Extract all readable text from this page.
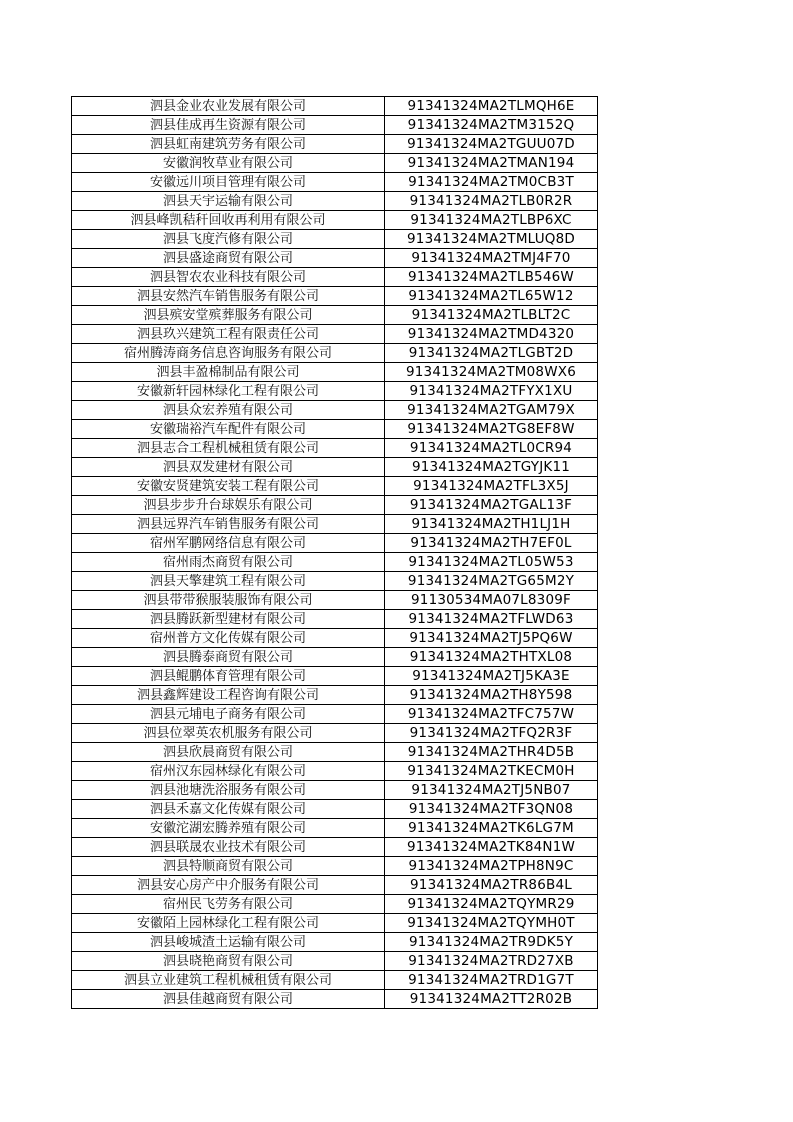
泗县金业农业发展有限公司	91341324MA2TLMQH6E
泗县佳成再生资源有限公司	91341324MA2TM3152Q
泗县虹南建筑劳务有限公司	91341324MA2TGUU07D
安徽润牧草业有限公司	91341324MA2TMAN194
安徽远川项目管理有限公司	91341324MA2TM0CB3T
泗县天宇运输有限公司	91341324MA2TLB0R2R
泗县峰凯秸秆回收再利用有限公司	91341324MA2TLBP6XC
泗县飞度汽修有限公司	91341324MA2TMLUQ8D
泗县盛途商贸有限公司	91341324MA2TMJ4F70
泗县智农农业科技有限公司	91341324MA2TLB546W
泗县安然汽车销售服务有限公司	91341324MA2TL65W12
泗县殡安堂殡葬服务有限公司	91341324MA2TLBLT2C
泗县玖兴建筑工程有限责任公司	91341324MA2TMD4320
宿州腾涛商务信息咨询服务有限公司	91341324MA2TLGBT2D
泗县丰盈棉制品有限公司	91341324MA2TM08WX6
安徽新轩园林绿化工程有限公司	91341324MA2TFYX1XU
泗县众宏养殖有限公司	91341324MA2TGAM79X
安徽瑞裕汽车配件有限公司	91341324MA2TG8EF8W
泗县志合工程机械租赁有限公司	91341324MA2TL0CR94
泗县双发建材有限公司	91341324MA2TGYJK11
安徽安贤建筑安装工程有限公司	91341324MA2TFL3X5J
泗县步步升台球娱乐有限公司	91341324MA2TGAL13F
泗县远界汽车销售服务有限公司	91341324MA2TH1LJ1H
宿州军鹏网络信息有限公司	91341324MA2TH7EF0L
宿州雨杰商贸有限公司	91341324MA2TL05W53
泗县天擎建筑工程有限公司	91341324MA2TG65M2Y
泗县带带猴服装服饰有限公司	91130534MA07L8309F
泗县腾跃新型建材有限公司	91341324MA2TFLWD63
宿州普方文化传媒有限公司	91341324MA2TJ5PQ6W
泗县腾泰商贸有限公司	91341324MA2THTXL08
泗县鲲鹏体育管理有限公司	91341324MA2TJ5KA3E
泗县鑫辉建设工程咨询有限公司	91341324MA2TH8Y598
泗县元埔电子商务有限公司	91341324MA2TFC757W
泗县位翠英农机服务有限公司	91341324MA2TFQ2R3F
泗县欣晨商贸有限公司	91341324MA2THR4D5B
宿州汉东园林绿化有限公司	91341324MA2TKECM0H
泗县池塘洗浴服务有限公司	91341324MA2TJ5NB07
泗县禾嘉文化传媒有限公司	91341324MA2TF3QN08
安徽沱湖宏腾养殖有限公司	91341324MA2TK6LG7M
泗县联晟农业技术有限公司	91341324MA2TK84N1W
泗县特顺商贸有限公司	91341324MA2TPH8N9C
泗县安心房产中介服务有限公司	91341324MA2TR86B4L
宿州民飞劳务有限公司	91341324MA2TQYMR29
安徽陌上园林绿化工程有限公司	91341324MA2TQYMH0T
泗县峻城渣土运输有限公司	91341324MA2TR9DK5Y
泗县晓艳商贸有限公司	91341324MA2TRD27XB
泗县立业建筑工程机械租赁有限公司	91341324MA2TRD1G7T
泗县佳越商贸有限公司	91341324MA2TT2R02B
